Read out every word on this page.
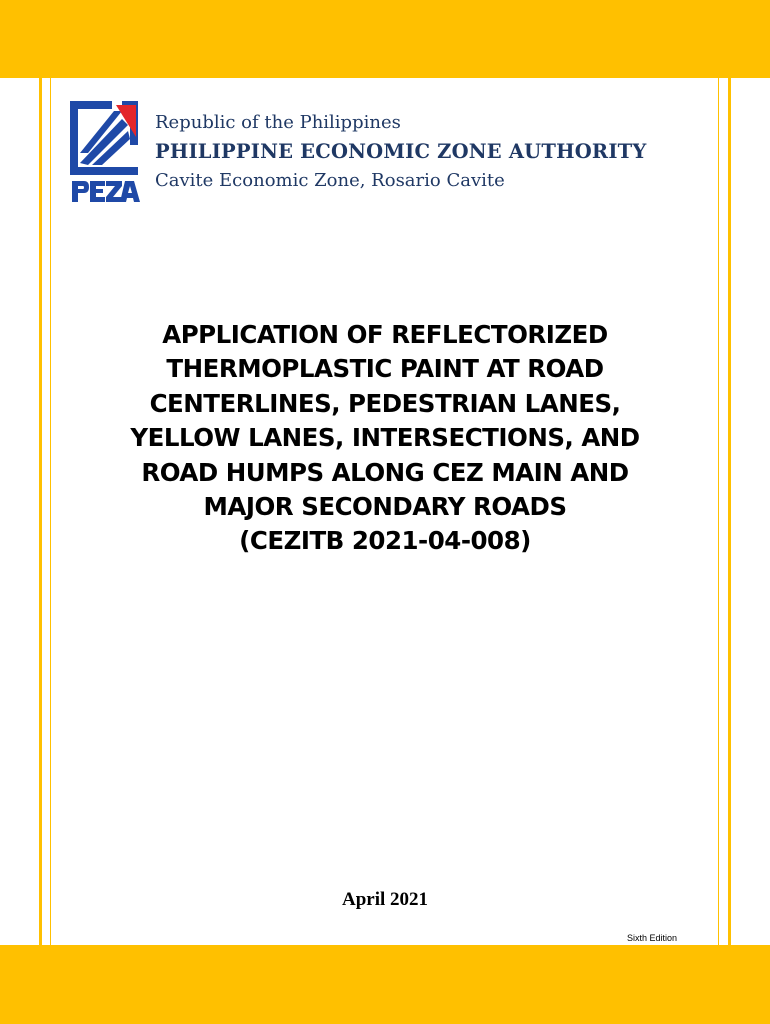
Republic of the Philippines
PHILIPPINE ECONOMIC ZONE AUTHORITY
Cavite Economic Zone, Rosario Cavite
APPLICATION OF REFLECTORIZED
THERMOPLASTIC PAINT AT ROAD
CENTERLINES, PEDESTRIAN LANES,
YELLOW LANES, INTERSECTIONS, AND
ROAD HUMPS ALONG CEZ MAIN AND
MAJOR SECONDARY ROADS
(CEZITB 2021-04-008)
April 2021
Sixth Edition
